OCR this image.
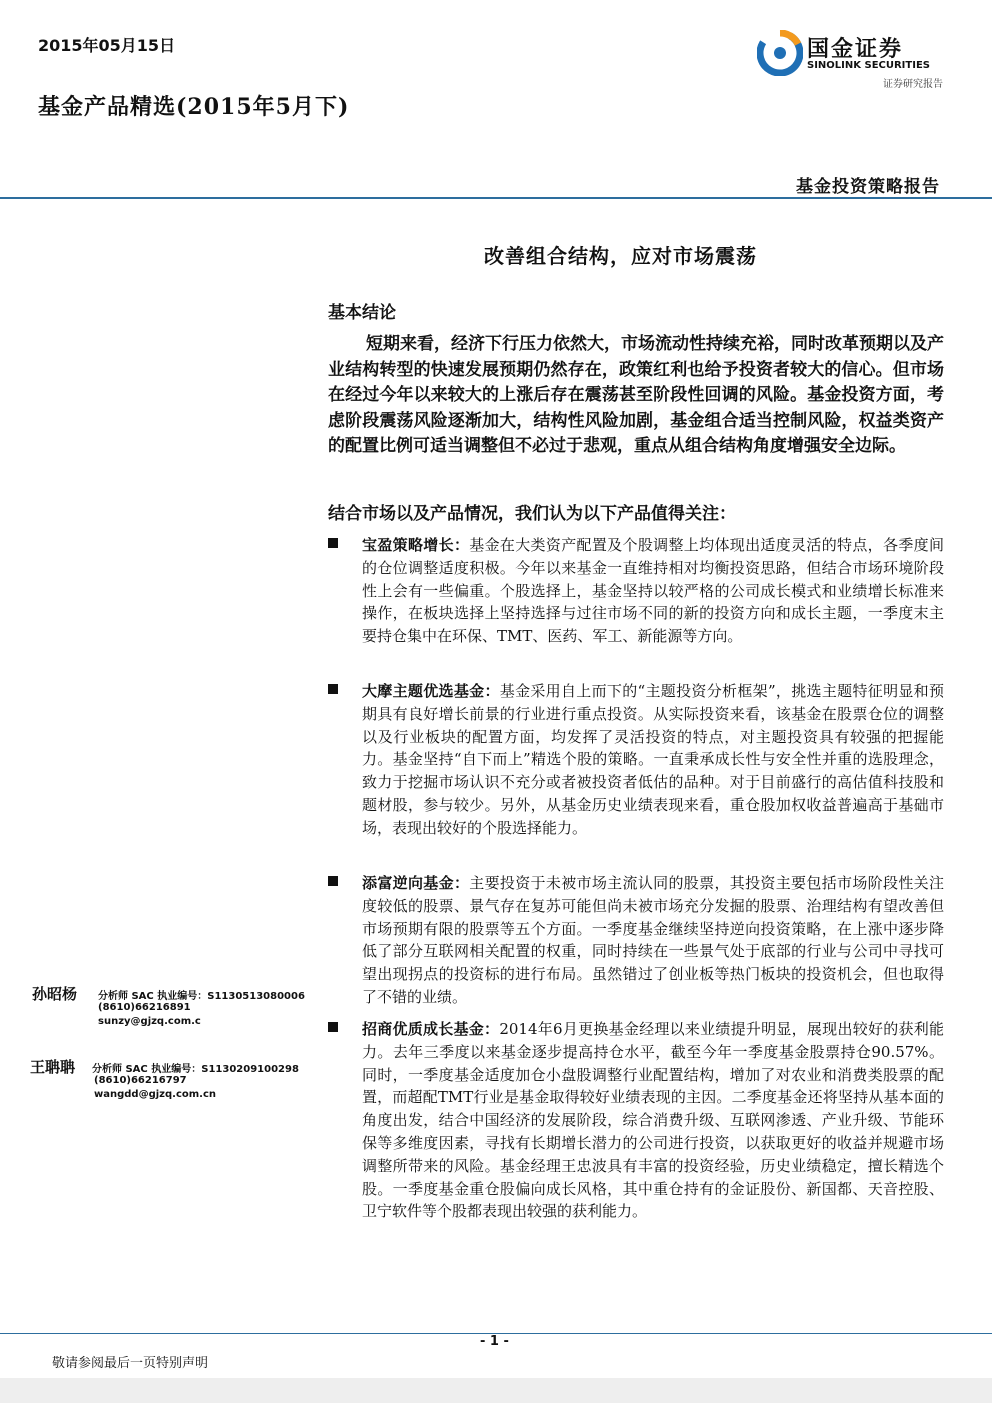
2015年05月15日
基金产品精选(2015年5月下)
国金证券
SINOLINK SECURITIES
证券研究报告
基金投资策略报告
改善组合结构，应对市场震荡
基本结论

短期来看，经济下行压力依然大，市场流动性持续充裕，同时改革预期以及产业结构转型的快速发展预期仍然存在，政策红利也给予投资者较大的信心。但市场在经过今年以来较大的上涨后存在震荡甚至阶段性回调的风险。基金投资方面，考虑阶段震荡风险逐渐加大，结构性风险加剧，基金组合适当控制风险，权益类资产的配置比例可适当调整但不必过于悲观，重点从组合结构角度增强安全边际。

结合市场以及产品情况，我们认为以下产品值得关注：

宝盈策略增长：基金在大类资产配置及个股调整上均体现出适度灵活的特点，各季度间的仓位调整适度积极。今年以来基金一直维持相对均衡投资思路，但结合市场环境阶段性上会有一些偏重。个股选择上，基金坚持以较严格的公司成长模式和业绩增长标准来操作，在板块选择上坚持选择与过往市场不同的新的投资方向和成长主题，一季度末主要持仓集中在环保、TMT、医药、军工、新能源等方向。

大摩主题优选基金：基金采用自上而下的“主题投资分析框架”，挑选主题特征明显和预期具有良好增长前景的行业进行重点投资。从实际投资来看，该基金在股票仓位的调整以及行业板块的配置方面，均发挥了灵活投资的特点，对主题投资具有较强的把握能力。基金坚持“自下而上”精选个股的策略。一直秉承成长性与安全性并重的选股理念，致力于挖掘市场认识不充分或者被投资者低估的品种。对于目前盛行的高估值科技股和题材股，参与较少。另外，从基金历史业绩表现来看，重仓股加权收益普遍高于基础市场，表现出较好的个股选择能力。

添富逆向基金：主要投资于未被市场主流认同的股票，其投资主要包括市场阶段性关注度较低的股票、景气存在复苏可能但尚未被市场充分发掘的股票、治理结构有望改善但市场预期有限的股票等五个方面。一季度基金继续坚持逆向投资策略，在上涨中逐步降低了部分互联网相关配置的权重，同时持续在一些景气处于底部的行业与公司中寻找可望出现拐点的投资标的进行布局。虽然错过了创业板等热门板块的投资机会，但也取得了不错的业绩。

招商优质成长基金：2014年6月更换基金经理以来业绩提升明显，展现出较好的获利能力。去年三季度以来基金逐步提高持仓水平，截至今年一季度基金股票持仓90.57%。同时，一季度基金适度加仓小盘股调整行业配置结构，增加了对农业和消费类股票的配置，而超配TMT行业是基金取得较好业绩表现的主因。二季度基金还将坚持从基本面的角度出发，结合中国经济的发展阶段，综合消费升级、互联网渗透、产业升级、节能环保等多维度因素，寻找有长期增长潜力的公司进行投资，以获取更好的收益并规避市场调整所带来的风险。基金经理王忠波具有丰富的投资经验，历史业绩稳定，擅长精选个股。一季度基金重仓股偏向成长风格，其中重仓持有的金证股份、新国都、天音控股、卫宁软件等个股都表现出较强的获利能力。

孙昭杨 分析师 SAC 执业编号：S1130513080006
(8610)66216891
sunzy@gjzq.com.c
王聃聃 分析师 SAC 执业编号：S1130209100298
(8610)66216797
wangdd@gjzq.com.cn
- 1 -
敬请参阅最后一页特别声明
